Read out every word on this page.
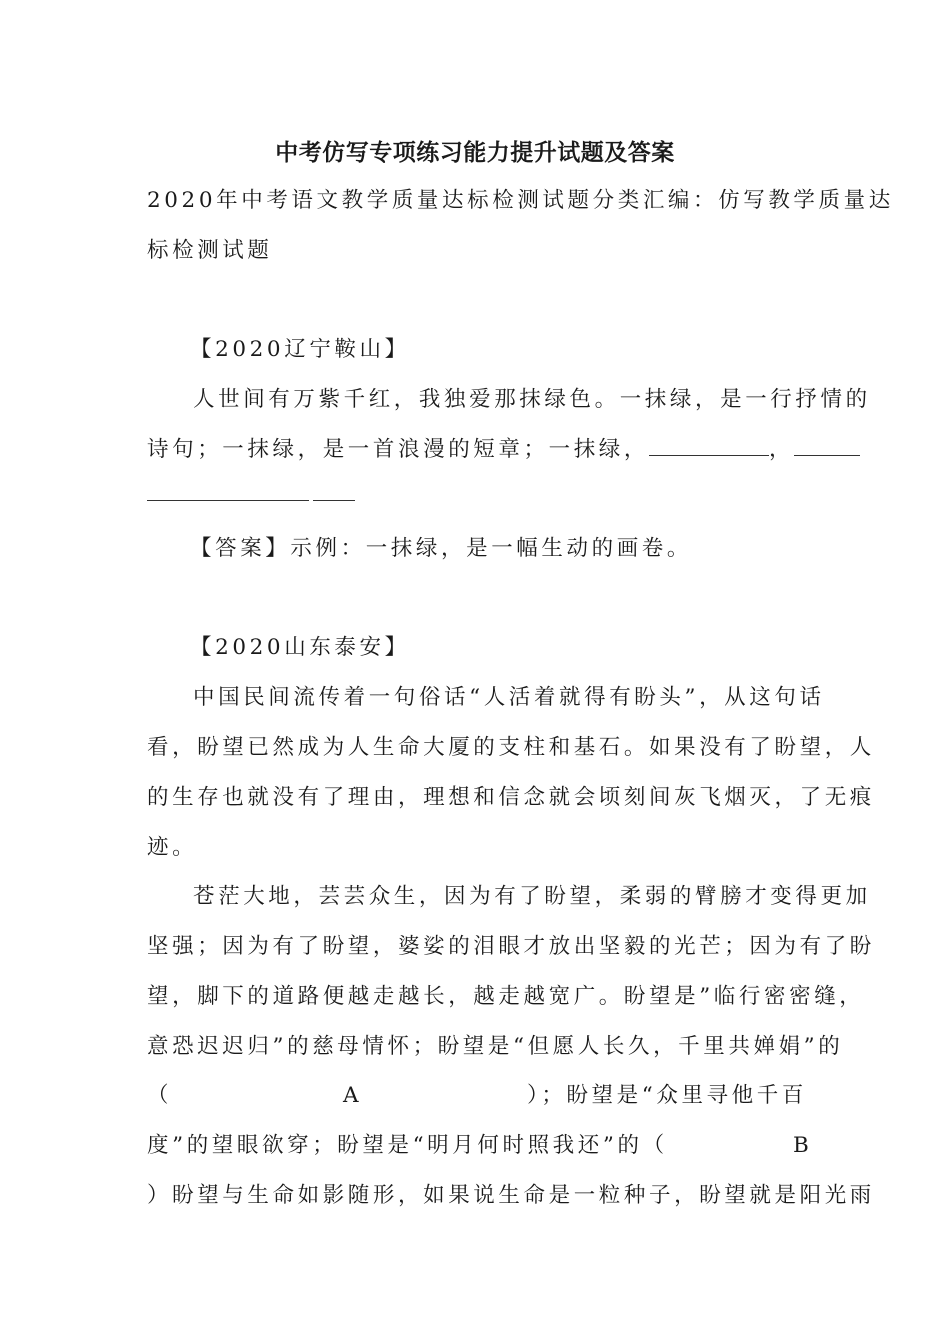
中考仿写专项练习能力提升试题及答案
2020年中考语文教学质量达标检测试题分类汇编：仿写教学质量达
标检测试题
【2020辽宁鞍山】
人世间有万紫千红，我独爱那抹绿色。一抹绿，是一行抒情的
诗句；一抹绿，是一首浪漫的短章；一抹绿，	，
【答案】示例：一抹绿，是一幅生动的画卷。
【2020山东泰安】
中国民间流传着一句俗话“人活着就得有盼头”，从这句话
看，盼望已然成为人生命大厦的支柱和基石。如果没有了盼望，人
的生存也就没有了理由，理想和信念就会顷刻间灰飞烟灭，了无痕
迹。
苍茫大地，芸芸众生，因为有了盼望，柔弱的臂膀才变得更加
坚强；因为有了盼望，婆娑的泪眼才放出坚毅的光芒；因为有了盼
望，脚下的道路便越走越长，越走越宽广。盼望是”临行密密缝，
意恐迟迟归”的慈母情怀；盼望是“但愿人长久，千里共婵娟”的
（	A	）；盼望是“众里寻他千百
度”的望眼欲穿；盼望是“明月何时照我还”的（	B
）盼望与生命如影随形，如果说生命是一粒种子，盼望就是阳光雨
